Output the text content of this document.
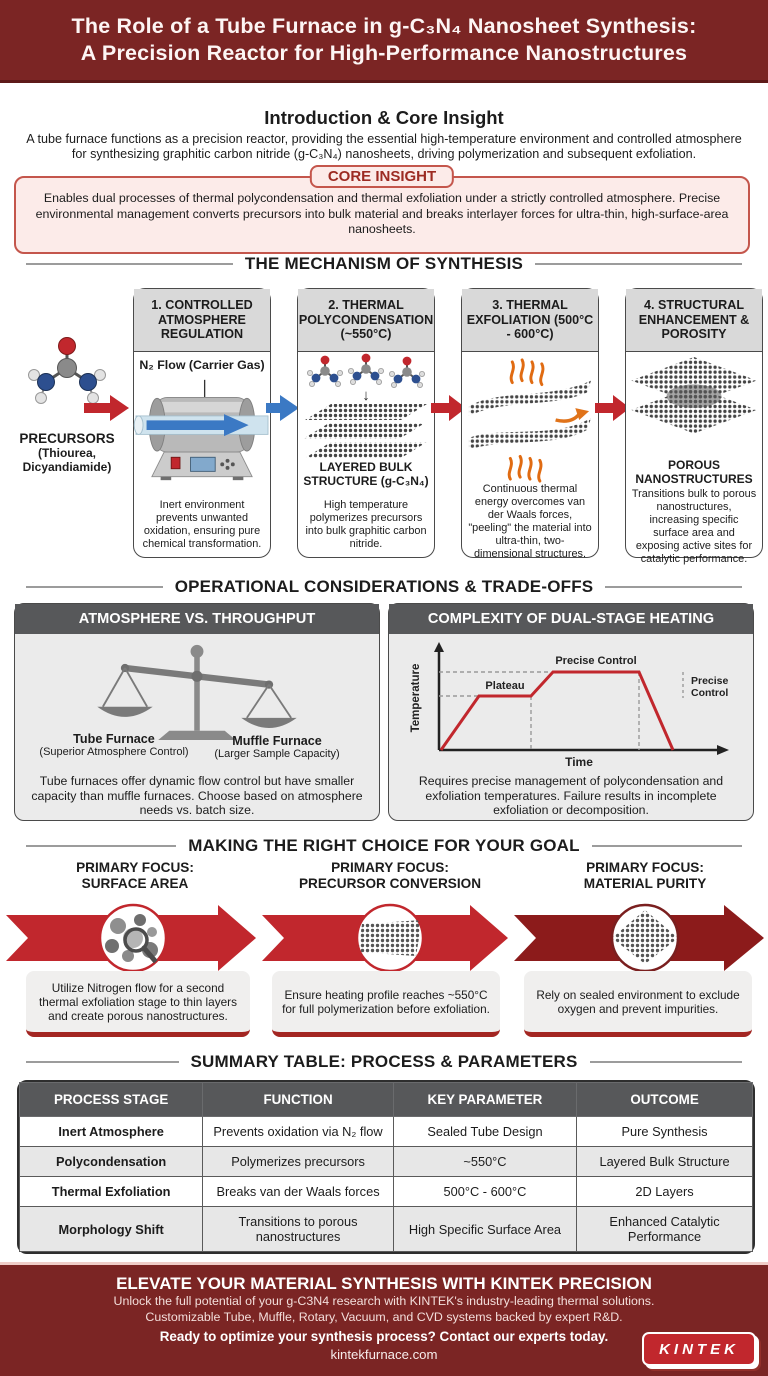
The Role of a Tube Furnace in g-C₃N₄ Nanosheet Synthesis:
A Precision Reactor for High-Performance Nanostructures
Introduction & Core Insight

A tube furnace functions as a precision reactor, providing the essential high-temperature environment and controlled atmosphere for synthesizing graphitic carbon nitride (g-C₃N₄) nanosheets, driving polymerization and subsequent exfoliation.

CORE INSIGHT

Enables dual processes of thermal polycondensation and thermal exfoliation under a strictly controlled atmosphere. Precise environmental management converts precursors into bulk material and breaks interlayer forces for ultra-thin, high-surface-area nanosheets.

THE MECHANISM OF SYNTHESIS
PRECURSORS
(Thiourea, Dicyandiamide)
1. CONTROLLED ATMOSPHERE REGULATION
N₂ Flow (Carrier Gas)
Inert environment prevents unwanted oxidation, ensuring pure chemical transformation.
2. THERMAL POLYCONDENSATION (~550°C)
↓
LAYERED BULK STRUCTURE (g-C₃N₄)
High temperature polymerizes precursors into bulk graphitic carbon nitride.
3. THERMAL EXFOLIATION (500°C - 600°C)
Continuous thermal energy overcomes van der Waals forces, "peeling" the material into ultra-thin, two-dimensional structures.
4. STRUCTURAL ENHANCEMENT & POROSITY
POROUS NANOSTRUCTURES
Transitions bulk to porous nanostructures, increasing specific surface area and exposing active sites for catalytic performance.
OPERATIONAL CONSIDERATIONS & TRADE-OFFS
ATMOSPHERE VS. THROUGHPUT
Tube Furnace
(Superior Atmosphere Control)
Muffle Furnace
(Larger Sample Capacity)
Tube furnaces offer dynamic flow control but have smaller capacity than muffle furnaces. Choose based on atmosphere needs vs. batch size.
COMPLEXITY OF DUAL-STAGE HEATING
Temperature	Plateau
Precise Control
Precise
Control
Time
Requires precise management of polycondensation and exfoliation temperatures. Failure results in incomplete exfoliation or decomposition.
MAKING THE RIGHT CHOICE FOR YOUR GOAL
PRIMARY FOCUS:
SURFACE AREA
PRIMARY FOCUS:
PRECURSOR CONVERSION
PRIMARY FOCUS:
MATERIAL PURITY
Utilize Nitrogen flow for a second thermal exfoliation stage to thin layers and create porous nanostructures.
Ensure heating profile reaches ~550°C for full polymerization before exfoliation.
Rely on sealed environment to exclude oxygen and prevent impurities.
SUMMARY TABLE: PROCESS & PARAMETERS
PROCESS STAGE	FUNCTION	KEY PARAMETER	OUTCOME
Inert Atmosphere	Prevents oxidation via N₂ flow	Sealed Tube Design	Pure Synthesis
Polycondensation	Polymerizes precursors	~550°C	Layered Bulk Structure
Thermal Exfoliation	Breaks van der Waals forces	500°C - 600°C	2D Layers
Morphology Shift	Transitions to porous nanostructures	High Specific Surface Area	Enhanced Catalytic Performance
ELEVATE YOUR MATERIAL SYNTHESIS WITH KINTEK PRECISION
Unlock the full potential of your g-C3N4 research with KINTEK's industry-leading thermal solutions.
Customizable Tube, Muffle, Rotary, Vacuum, and CVD systems backed by expert R&D.
Ready to optimize your synthesis process? Contact our experts today.
kintekfurnace.com	KINTEK
